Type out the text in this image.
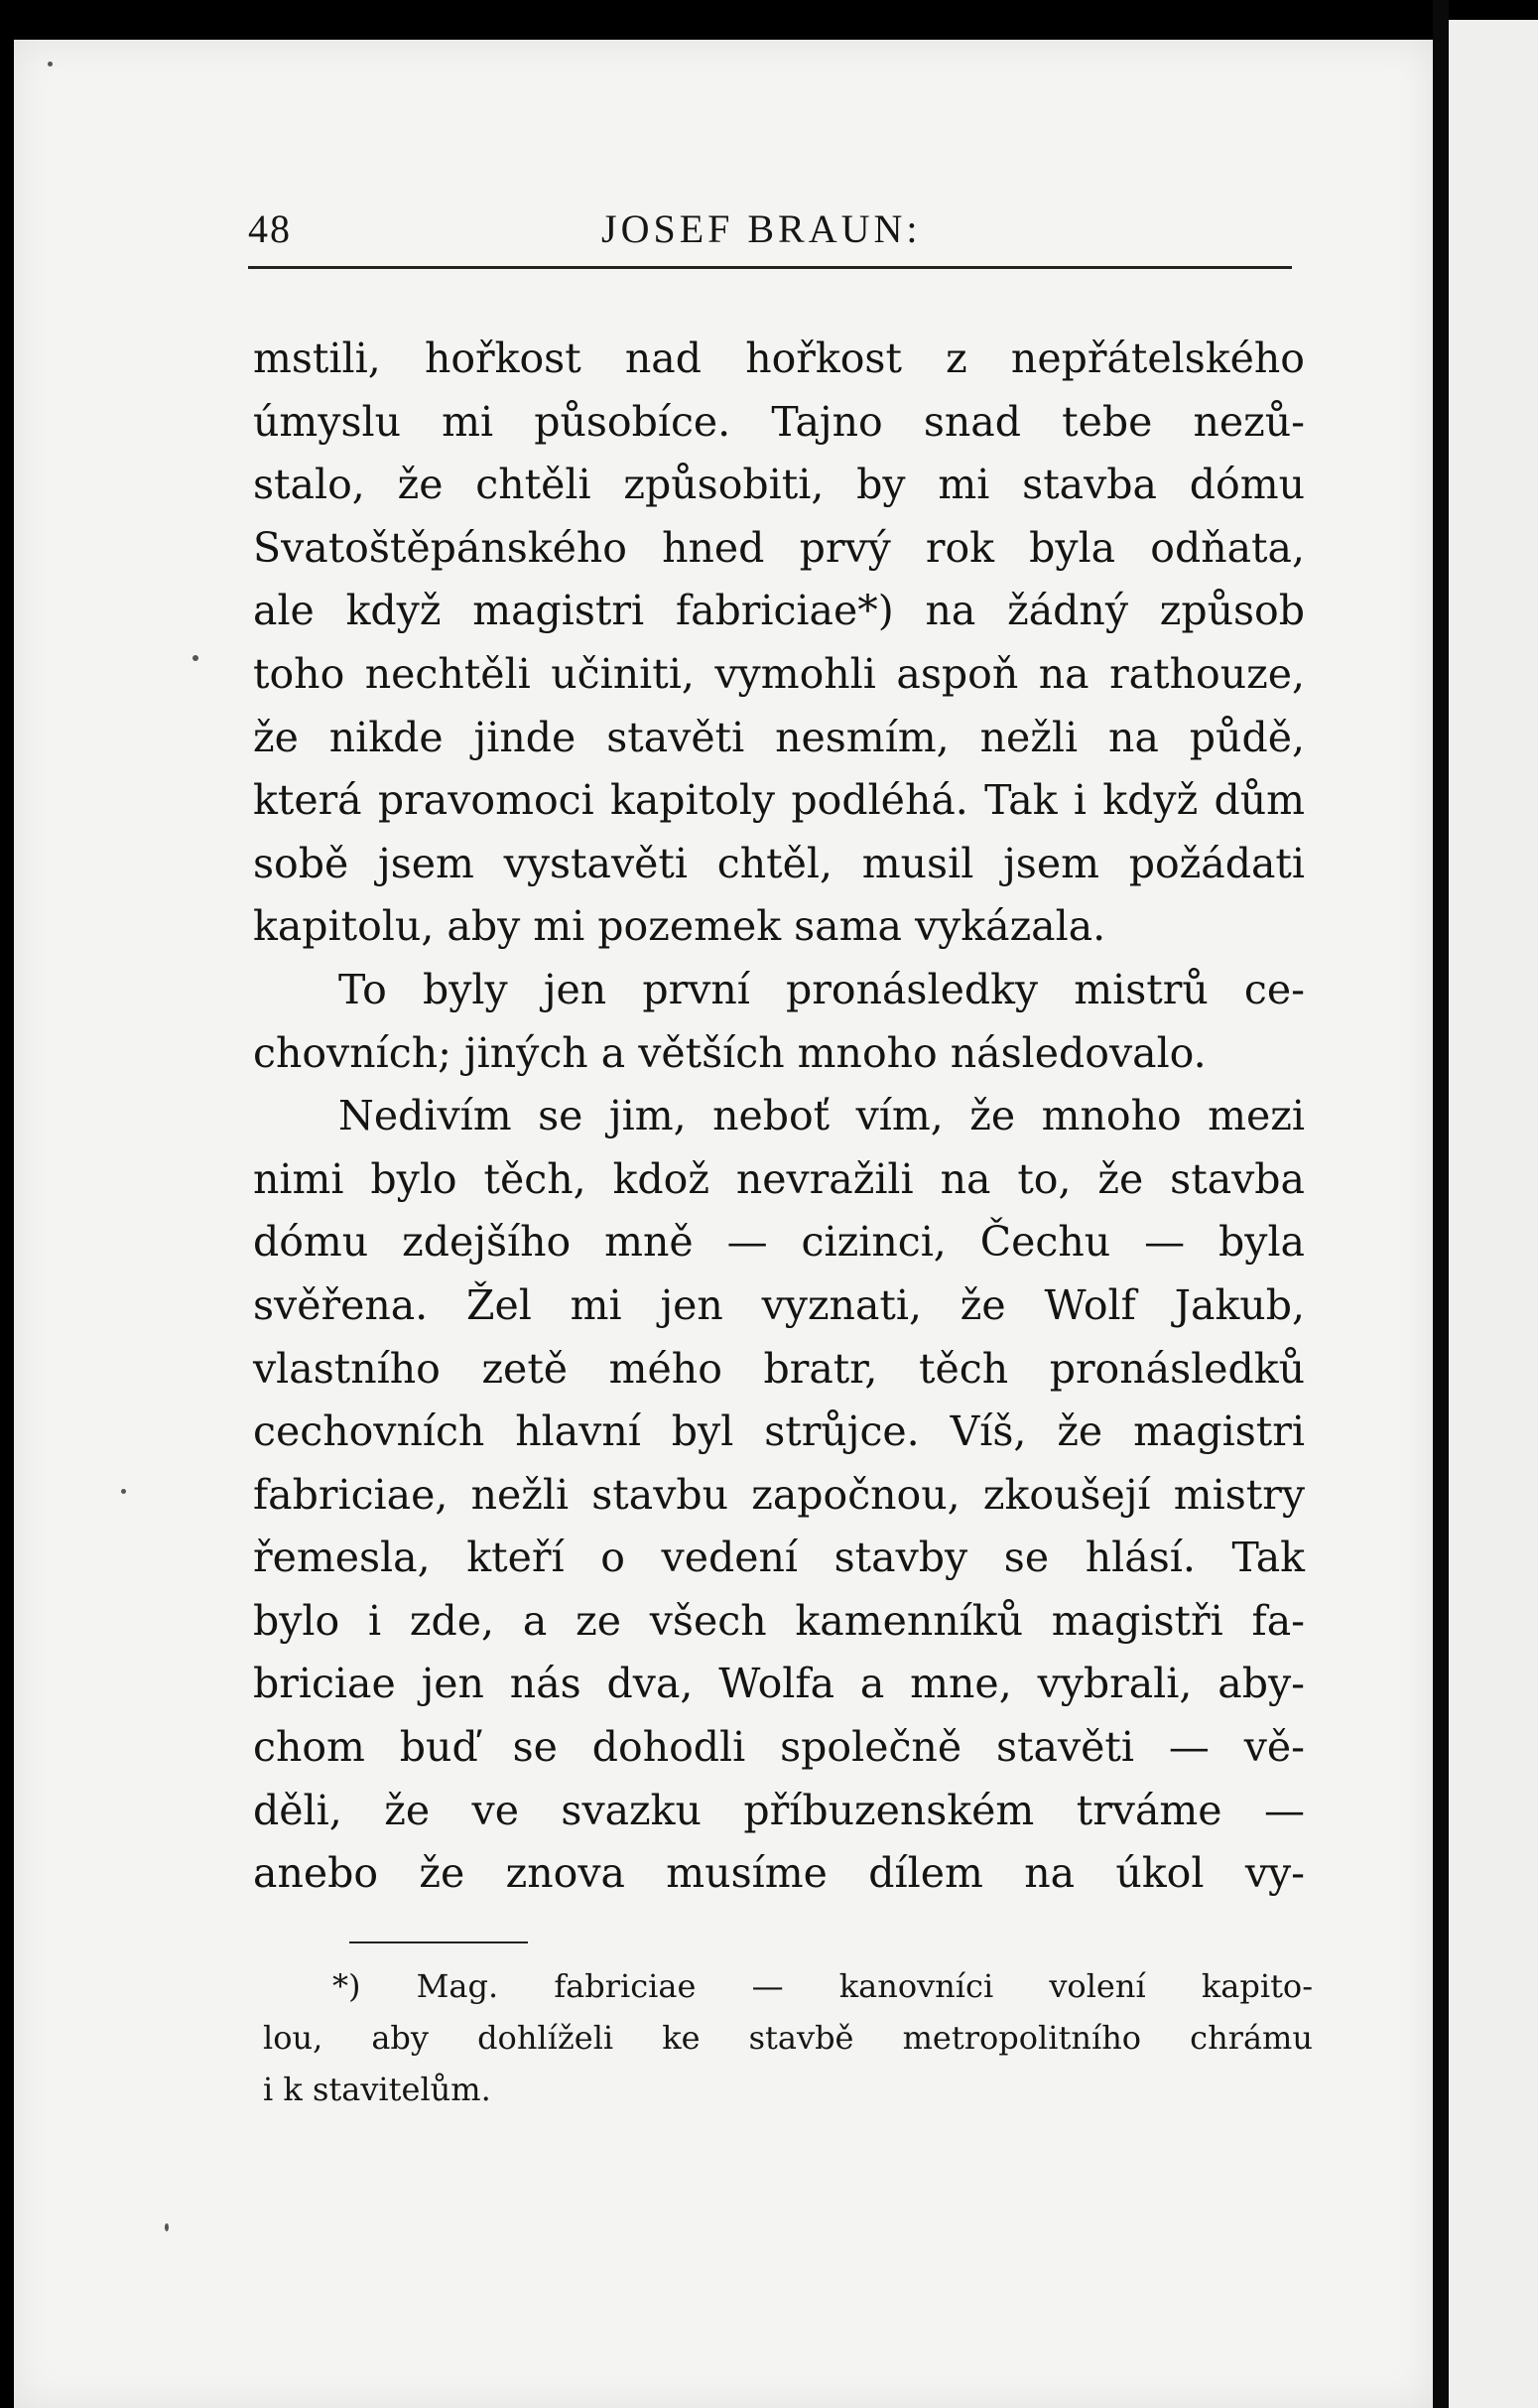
48	JOSEF BRAUN:
mstili, hořkost nad hořkost z nepřátelského
úmyslu mi působíce. Tajno snad tebe nezů-
stalo, že chtěli způsobiti, by mi stavba dómu
Svatoštěpánského hned prvý rok byla odňata,
ale když magistri fabriciae*) na žádný způsob
toho nechtěli učiniti, vymohli aspoň na rathouze,
že nikde jinde stavěti nesmím, nežli na půdě,
která pravomoci kapitoly podléhá. Tak i když dům
sobě jsem vystavěti chtěl, musil jsem požádati
kapitolu, aby mi pozemek sama vykázala.
To byly jen první pronásledky mistrů ce-
chovních; jiných a větších mnoho následovalo.
Nedivím se jim, neboť vím, že mnoho mezi
nimi bylo těch, kdož nevražili na to, že stavba
dómu zdejšího mně — cizinci, Čechu — byla
svěřena. Žel mi jen vyznati, že Wolf Jakub,
vlastního zetě mého bratr, těch pronásledků
cechovních hlavní byl strůjce. Víš, že magistri
fabriciae, nežli stavbu započnou, zkoušejí mistry
řemesla, kteří o vedení stavby se hlásí. Tak
bylo i zde, a ze všech kamenníků magistři fa-
briciae jen nás dva, Wolfa a mne, vybrali, aby-
chom buď se dohodli společně stavěti — vě-
děli, že ve svazku příbuzenském trváme —
anebo že znova musíme dílem na úkol vy-
*) Mag. fabriciae — kanovníci volení kapito-
lou, aby dohlíželi ke stavbě metropolitního chrámu
i k stavitelům.
